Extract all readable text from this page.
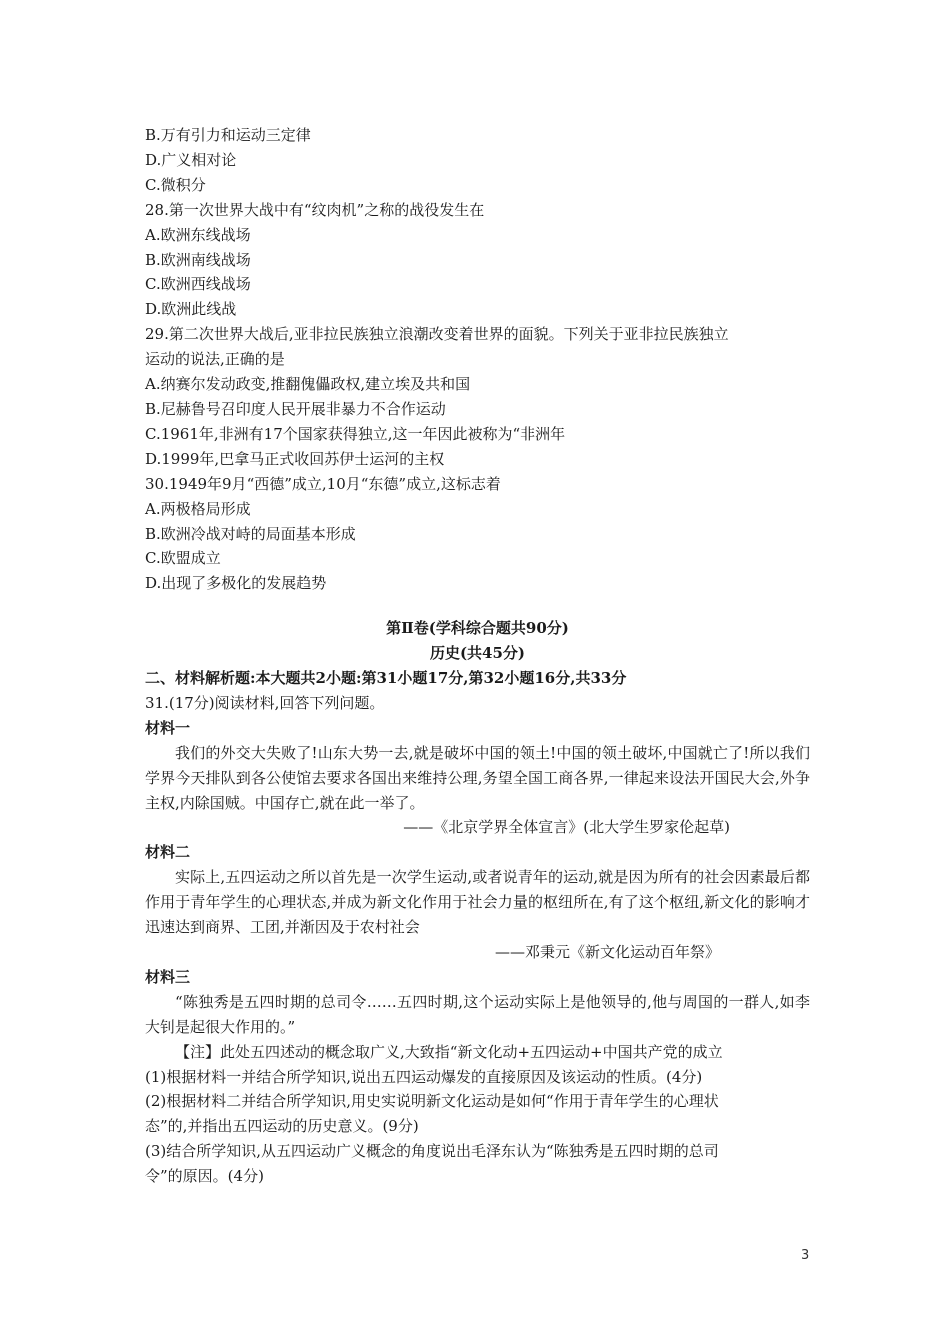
B.万有引力和运动三定律
D.广义相对论
C.微积分
28.第一次世界大战中有“纹肉机”之称的战役发生在
A.欧洲东线战场
B.欧洲南线战场
C.欧洲西线战场
D.欧洲此线战
29.第二次世界大战后,亚非拉民族独立浪潮改变着世界的面貌。下列关于亚非拉民族独立
运动的说法,正确的是
A.纳赛尔发动政变,推翻傀儡政权,建立埃及共和国
B.尼赫鲁号召印度人民开展非暴力不合作运动
C.1961年,非洲有17个国家获得独立,这一年因此被称为“非洲年
D.1999年,巴拿马正式收回苏伊士运河的主权
30.1949年9月“西德”成立,10月“东德”成立,这标志着
A.两极格局形成
B.欧洲冷战对峙的局面基本形成
C.欧盟成立
D.出现了多极化的发展趋势
第Ⅱ卷(学科综合题共90分)
历史(共45分)
二、材料解析题:本大题共2小题:第31小题17分,第32小题16分,共33分
31.(17分)阅读材料,回答下列问题。
材料一
我们的外交大失败了!山东大势一去,就是破坏中国的领土!中国的领土破坏,中国就亡了!所以我们学界今天排队到各公使馆去要求各国出来维持公理,务望全国工商各界,一律起来设法开国民大会,外争主权,内除国贼。中国存亡,就在此一举了。
——《北京学界全体宣言》(北大学生罗家伦起草)
材料二
实际上,五四运动之所以首先是一次学生运动,或者说青年的运动,就是因为所有的社会因素最后都作用于青年学生的心理状态,并成为新文化作用于社会力量的枢纽所在,有了这个枢纽,新文化的影响才迅速达到商界、工团,并渐因及于农村社会
——邓秉元《新文化运动百年祭》
材料三
“陈独秀是五四时期的总司令……五四时期,这个运动实际上是他领导的,他与周国的一群人,如李大钊是起很大作用的。”
【注】此处五四述动的概念取广义,大致指“新文化动+五四运动+中国共产党的成立
(1)根据材料一并结合所学知识,说出五四运动爆发的直接原因及该运动的性质。(4分)
(2)根据材料二并结合所学知识,用史实说明新文化运动是如何“作用于青年学生的心理状
态”的,并指出五四运动的历史意义。(9分)
(3)结合所学知识,从五四运动广义概念的角度说出毛泽东认为“陈独秀是五四时期的总司
令”的原因。(4分)
3
